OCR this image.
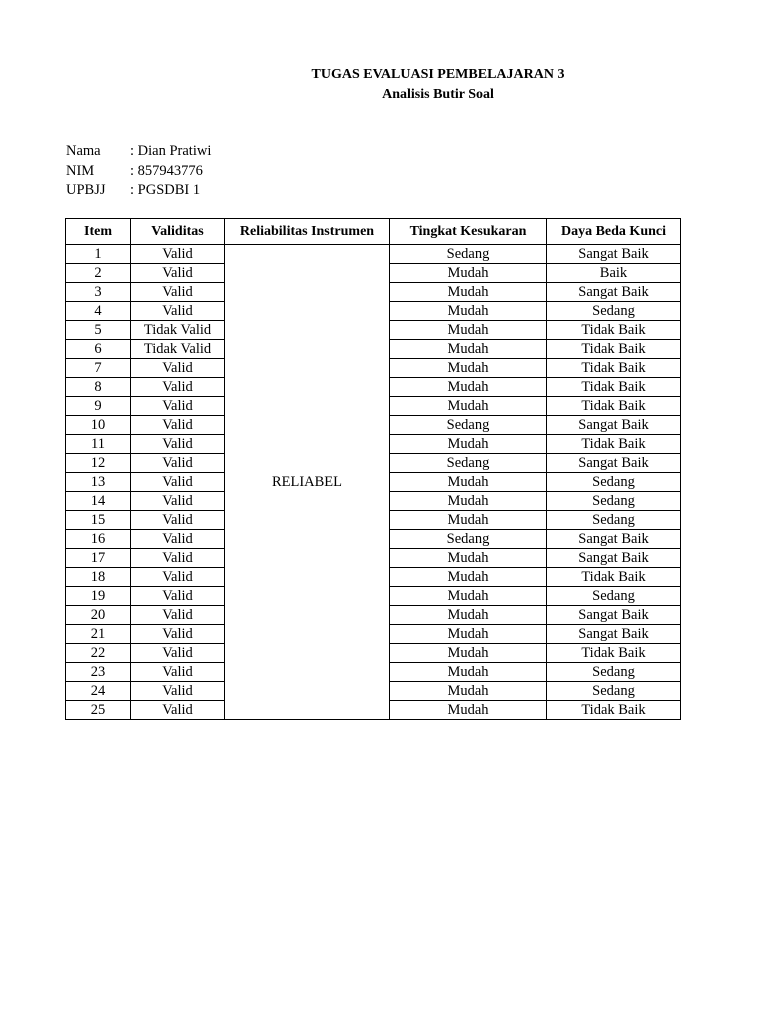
TUGAS EVALUASI PEMBELAJARAN 3
Analisis Butir Soal
Nama	: Dian Pratiwi
NIM	: 857943776
UPBJJ	: PGSDBI 1
Item	Validitas	Reliabilitas Instrumen	Tingkat Kesukaran	Daya Beda Kunci
1	Valid	RELIABEL	Sedang	Sangat Baik
2	Valid		Mudah	Baik
3	Valid		Mudah	Sangat Baik
4	Valid		Mudah	Sedang
5	Tidak Valid		Mudah	Tidak Baik
6	Tidak Valid		Mudah	Tidak Baik
7	Valid		Mudah	Tidak Baik
8	Valid		Mudah	Tidak Baik
9	Valid		Mudah	Tidak Baik
10	Valid		Sedang	Sangat Baik
11	Valid		Mudah	Tidak Baik
12	Valid		Sedang	Sangat Baik
13	Valid		Mudah	Sedang
14	Valid		Mudah	Sedang
15	Valid		Mudah	Sedang
16	Valid		Sedang	Sangat Baik
17	Valid		Mudah	Sangat Baik
18	Valid		Mudah	Tidak Baik
19	Valid		Mudah	Sedang
20	Valid		Mudah	Sangat Baik
21	Valid		Mudah	Sangat Baik
22	Valid		Mudah	Tidak Baik
23	Valid		Mudah	Sedang
24	Valid		Mudah	Sedang
25	Valid		Mudah	Tidak Baik
